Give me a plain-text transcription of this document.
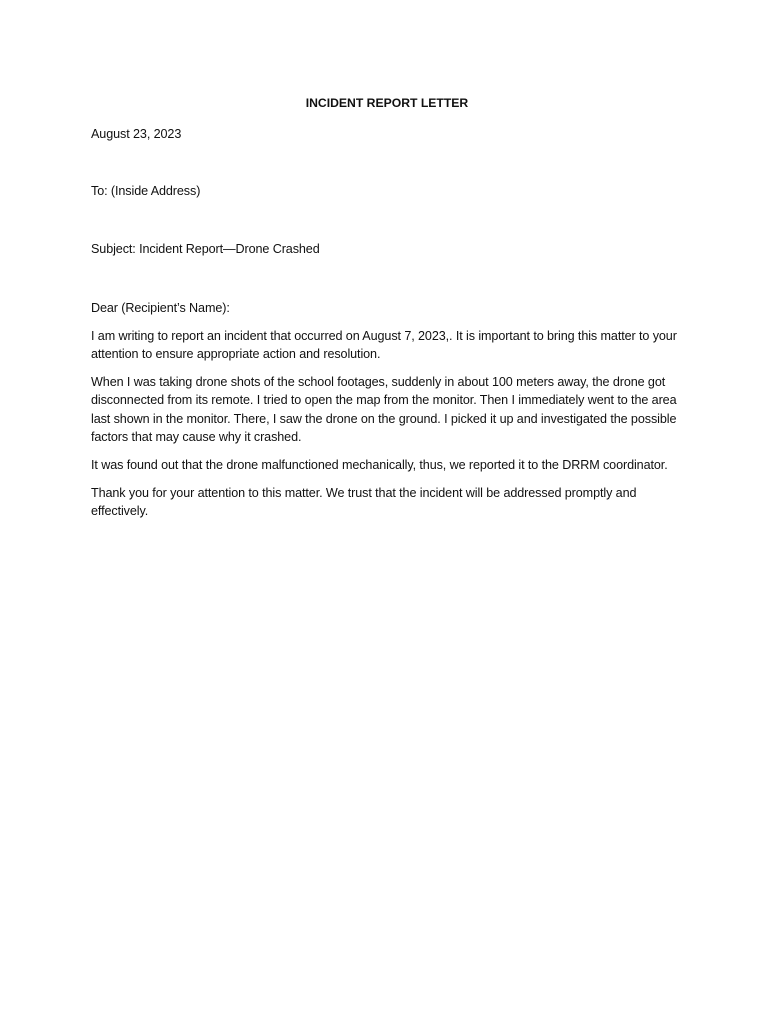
INCIDENT REPORT LETTER
August 23, 2023
To: (Inside Address)
Subject: Incident Report—Drone Crashed
Dear (Recipient’s Name):

I am writing to report an incident that occurred on August 7, 2023,. It is important to bring this matter to your attention to ensure appropriate action and resolution.

When I was taking drone shots of the school footages, suddenly in about 100 meters away, the drone got disconnected from its remote. I tried to open the map from the monitor. Then I immediately went to the area last shown in the monitor. There, I saw the drone on the ground. I picked it up and investigated the possible factors that may cause why it crashed.

It was found out that the drone malfunctioned mechanically, thus, we reported it to the DRRM coordinator.

Thank you for your attention to this matter. We trust that the incident will be addressed promptly and effectively.
